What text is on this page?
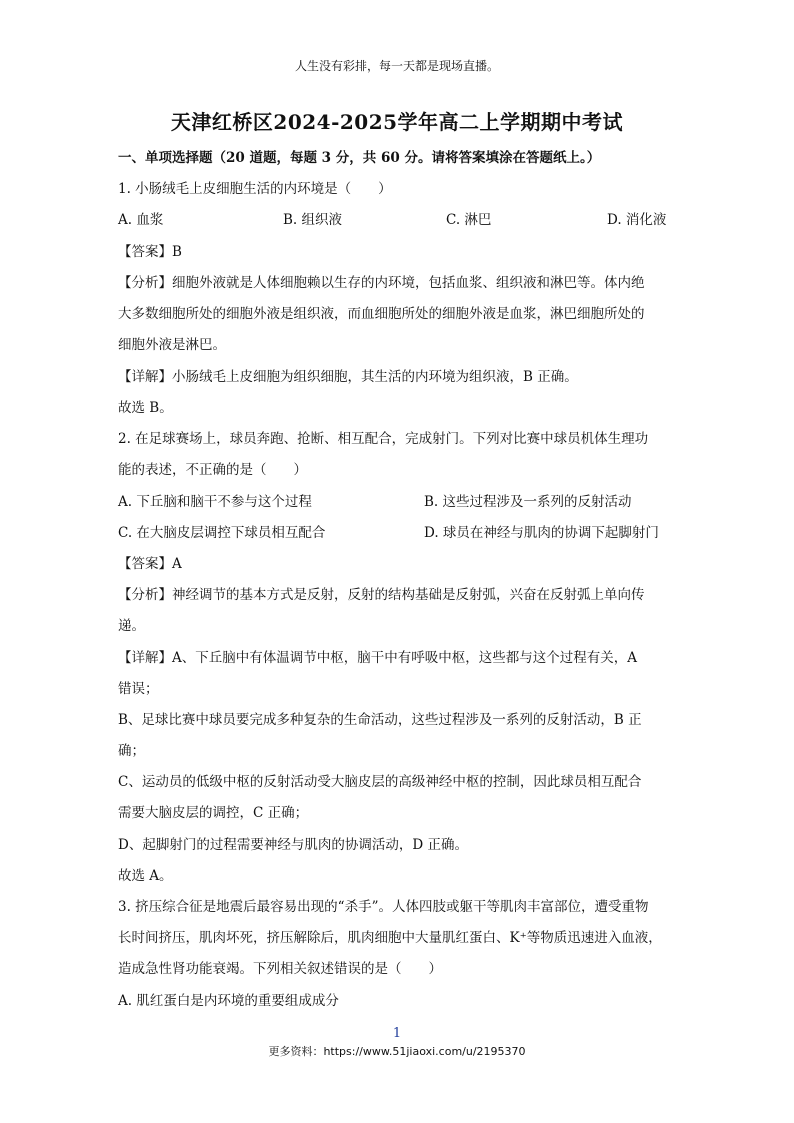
人生没有彩排，每一天都是现场直播。
天津红桥区2024-2025学年高二上学期期中考试
一、单项选择题（20 道题，每题 3 分，共 60 分。请将答案填涂在答题纸上。）
1. 小肠绒毛上皮细胞生活的内环境是（　　）
A. 血浆	B. 组织液	C. 淋巴	D. 消化液
【答案】B
【分析】细胞外液就是人体细胞赖以生存的内环境，包括血浆、组织液和淋巴等。体内绝
大多数细胞所处的细胞外液是组织液，而血细胞所处的细胞外液是血浆，淋巴细胞所处的
细胞外液是淋巴。
【详解】小肠绒毛上皮细胞为组织细胞，其生活的内环境为组织液，B 正确。
故选 B。
2. 在足球赛场上，球员奔跑、抢断、相互配合，完成射门。下列对比赛中球员机体生理功
能的表述，不正确的是（　　）
A. 下丘脑和脑干不参与这个过程	B. 这些过程涉及一系列的反射活动
C. 在大脑皮层调控下球员相互配合	D. 球员在神经与肌肉的协调下起脚射门
【答案】A
【分析】神经调节的基本方式是反射，反射的结构基础是反射弧，兴奋在反射弧上单向传
递。
【详解】A、下丘脑中有体温调节中枢，脑干中有呼吸中枢，这些都与这个过程有关，A
错误；
B、足球比赛中球员要完成多种复杂的生命活动，这些过程涉及一系列的反射活动，B 正
确；
C、运动员的低级中枢的反射活动受大脑皮层的高级神经中枢的控制，因此球员相互配合
需要大脑皮层的调控，C 正确；
D、起脚射门的过程需要神经与肌肉的协调活动，D 正确。
故选 A。
3. 挤压综合征是地震后最容易出现的“杀手”。人体四肢或躯干等肌肉丰富部位，遭受重物
长时间挤压，肌肉坏死，挤压解除后，肌肉细胞中大量肌红蛋白、K⁺等物质迅速进入血液，
造成急性肾功能衰竭。下列相关叙述错误的是（　　）
A. 肌红蛋白是内环境的重要组成成分
1
更多资料：https://www.51jiaoxi.com/u/2195370
